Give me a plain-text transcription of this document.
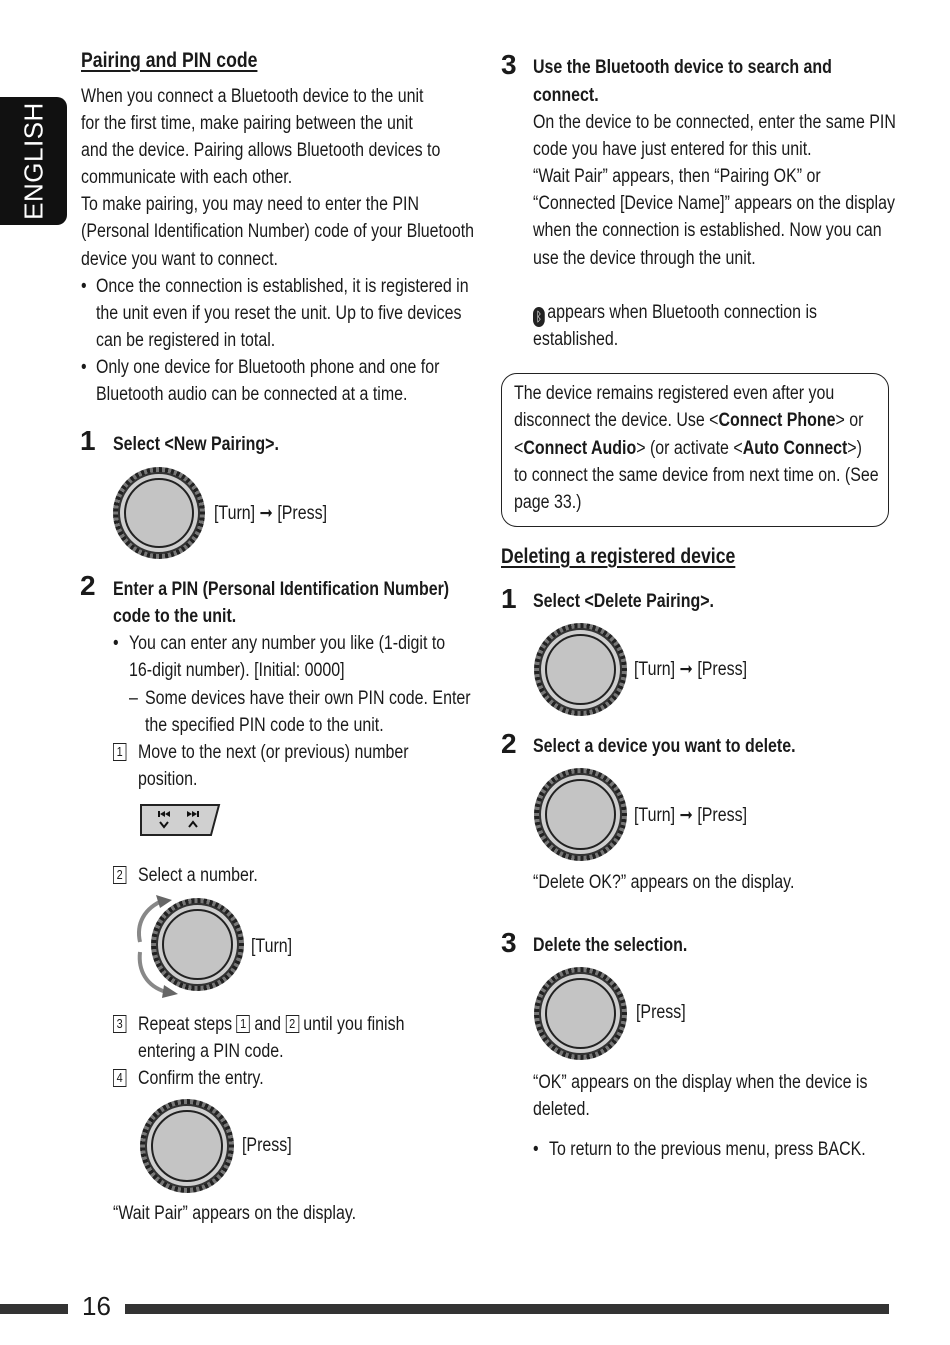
ENGLISH
Pairing and PIN code
When you connect a Bluetooth device to the unit
for the first time, make pairing between the unit
and the device. Pairing allows Bluetooth devices to
communicate with each other.
To make pairing, you may need to enter the PIN
(Personal Identification Number) code of your Bluetooth
device you want to connect.
• Once the connection is established, it is registered in
the unit even if you reset the unit. Up to five devices
can be registered in total.
• Only one device for Bluetooth phone and one for
Bluetooth audio can be connected at a time.
1 Select <New Pairing>.
[Turn] ➞ [Press]
2 Enter a PIN (Personal Identification Number)
code to the unit.
• You can enter any number you like (1-digit to
16-digit number). [Initial: 0000]
– Some devices have their own PIN code. Enter
the specified PIN code to the unit.
1 Move to the next (or previous) number
position.
2 Select a number.
[Turn]
3 Repeat steps 1 and 2 until you finish
entering a PIN code.
4 Confirm the entry.
[Press]
“Wait Pair” appears on the display.
3 Use the Bluetooth device to search and
connect.
On the device to be connected, enter the same PIN
code you have just entered for this unit.
“Wait Pair” appears, then “Pairing OK” or
“Connected [Device Name]” appears on the display
when the connection is established. Now you can
use the device through the unit.
ᛒ appears when Bluetooth connection is
established.
The device remains registered even after you
disconnect the device. Use <Connect Phone> or
<Connect Audio> (or activate <Auto Connect>)
to connect the same device from next time on. (See
page 33.)
Deleting a registered device
1 Select <Delete Pairing>.
[Turn] ➞ [Press]
2 Select a device you want to delete.
[Turn] ➞ [Press]
“Delete OK?” appears on the display.
3 Delete the selection.
[Press]
“OK” appears on the display when the device is
deleted.
• To return to the previous menu, press BACK.
16
